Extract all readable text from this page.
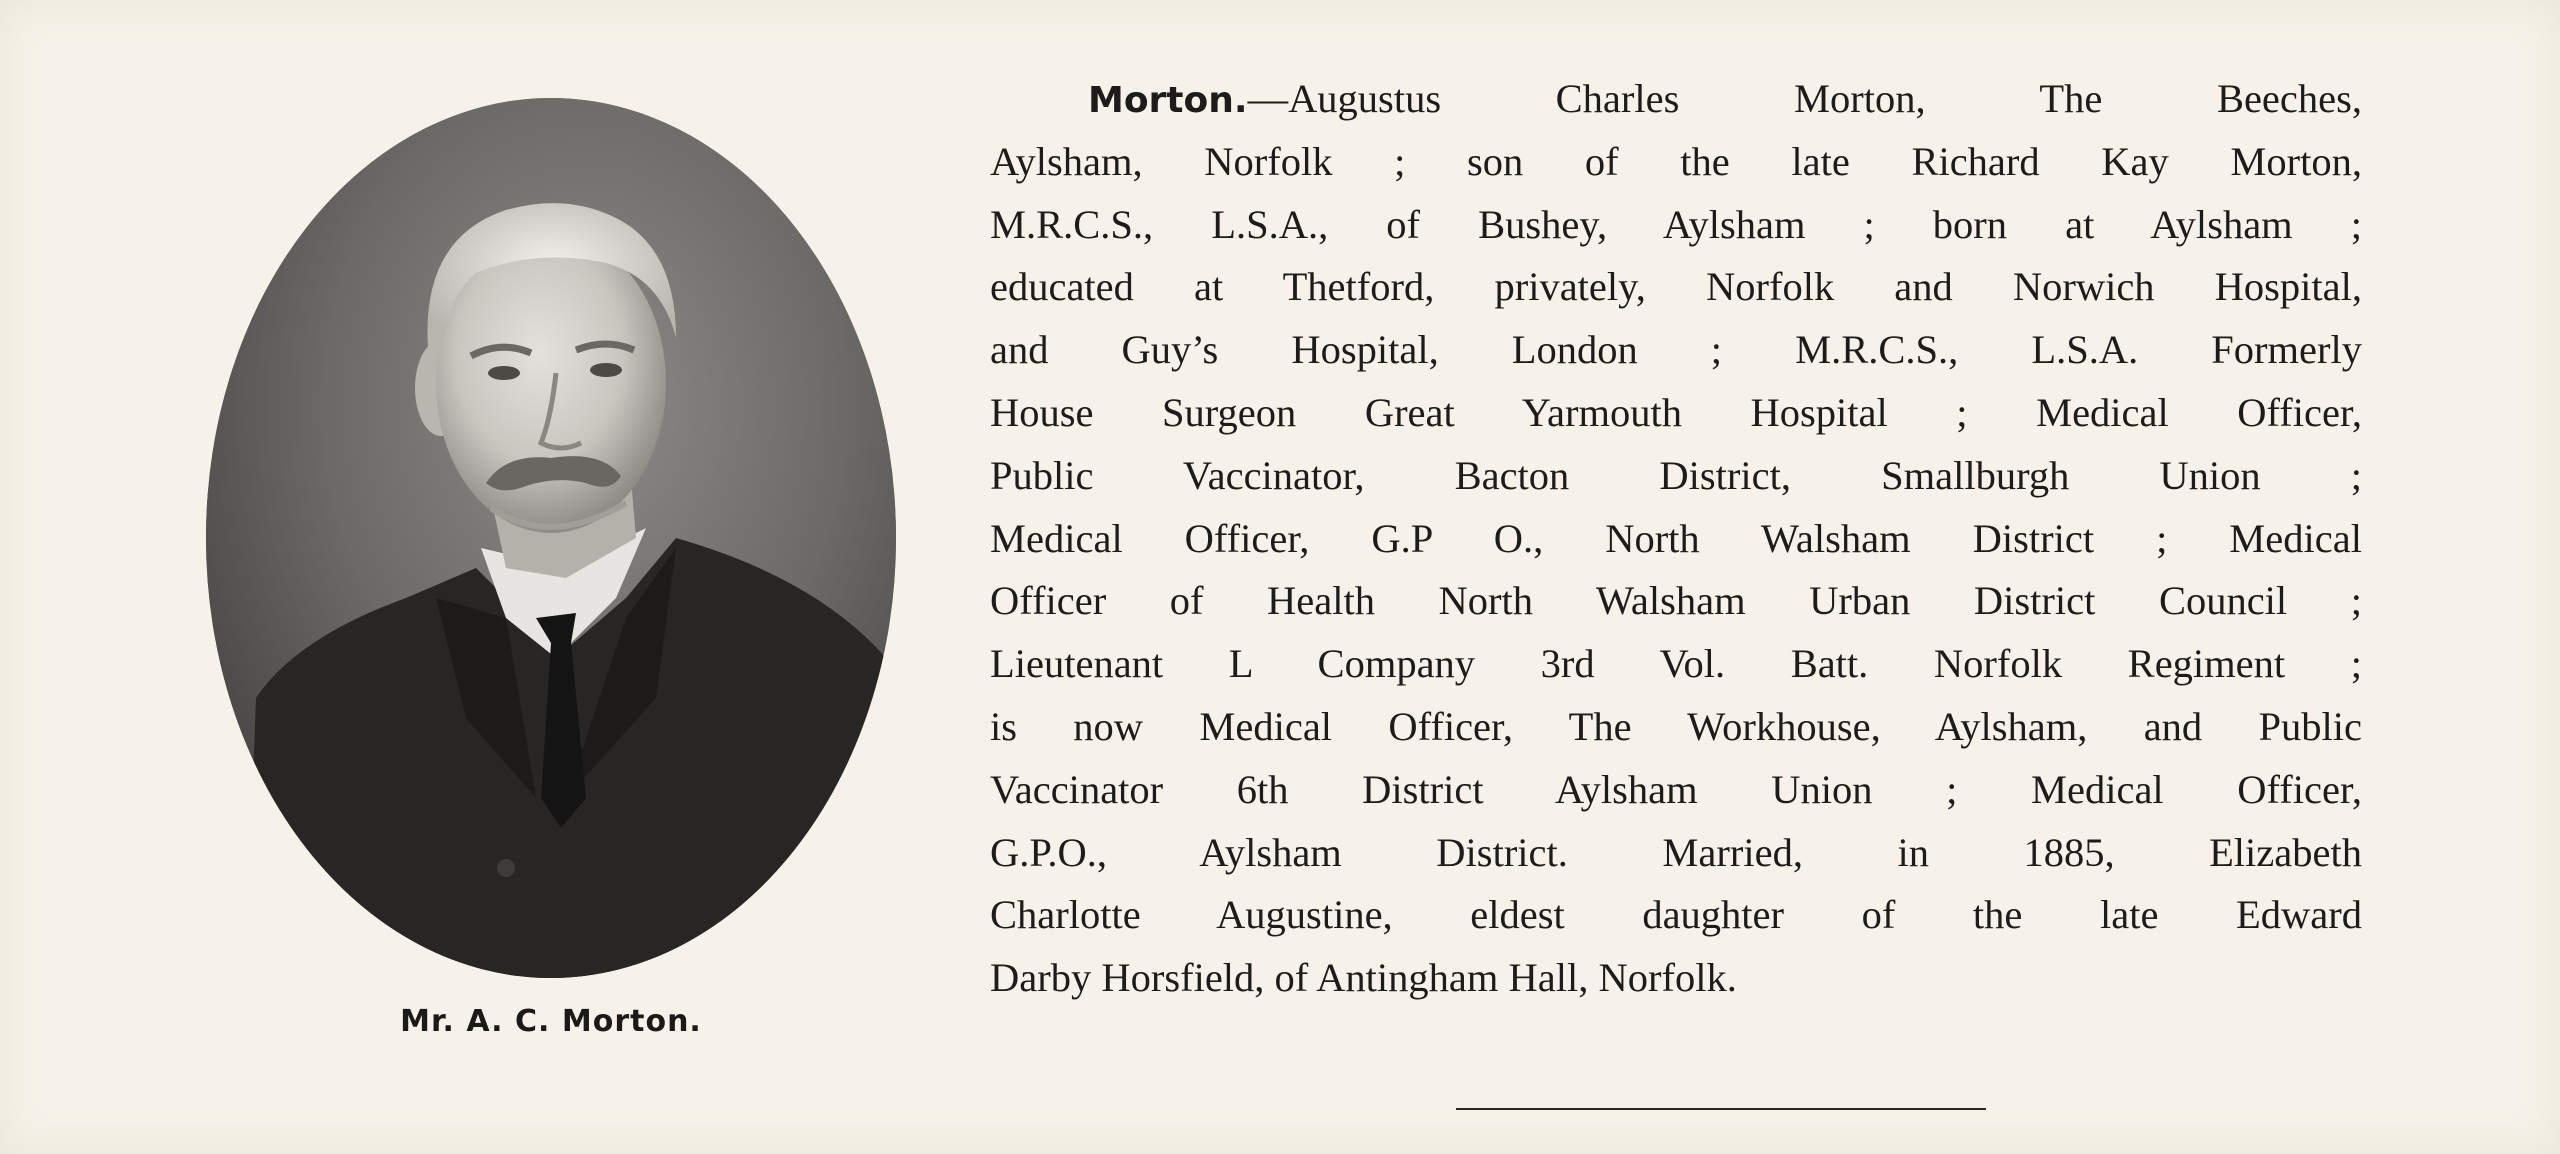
Mr. A. C. Morton.
Morton.—Augustus Charles Morton, The Beeches,
Aylsham, Norfolk ; son of the late Richard Kay Morton,
M.R.C.S., L.S.A., of Bushey, Aylsham ; born at Aylsham ;
educated at Thetford, privately, Norfolk and Norwich Hospital,
and Guy’s Hospital, London ; M.R.C.S., L.S.A. Formerly
House Surgeon Great Yarmouth Hospital ; Medical Officer,
Public Vaccinator, Bacton District, Smallburgh Union ;
Medical Officer, G.P O., North Walsham District ; Medical
Officer of Health North Walsham Urban District Council ;
Lieutenant L Company 3rd Vol. Batt. Norfolk Regiment ;
is now Medical Officer, The Workhouse, Aylsham, and Public
Vaccinator 6th District Aylsham Union ; Medical Officer,
G.P.O., Aylsham District. Married, in 1885, Elizabeth
Charlotte Augustine, eldest daughter of the late Edward
Darby Horsfield, of Antingham Hall, Norfolk.
